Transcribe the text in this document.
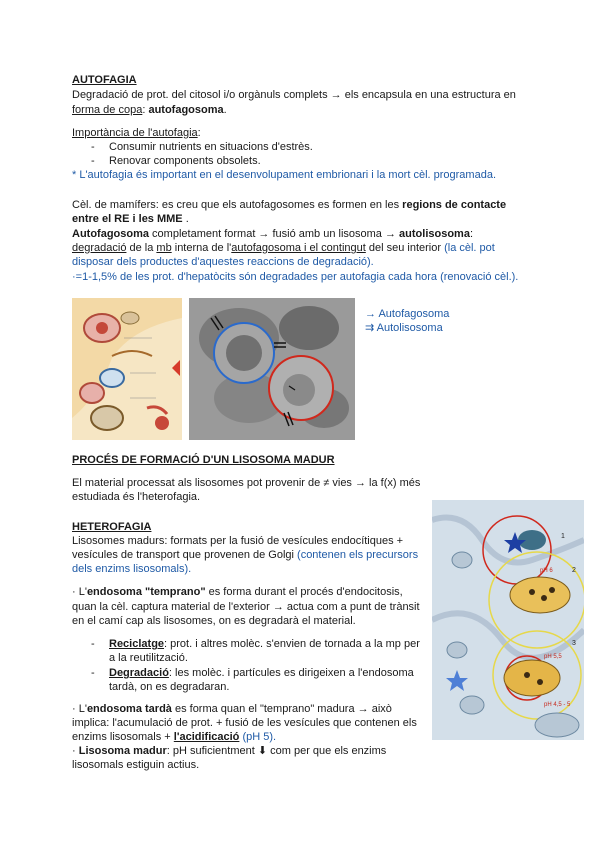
AUTOFAGIA
Degradació de prot. del citosol i/o orgànuls complets → els encapsula en una estructura en
forma de copa: autofagosoma.
Importància de l'autofagia:
- Consumir nutrients en situacions d'estrès.
- Renovar components obsolets.
* L'autofagia és important en el desenvolupament embrionari i la mort cèl. programada.
Cèl. de mamífers: es creu que els autofagosomes es formen en les regions de contacte
entre el RE i les MME .
Autofagosoma completament format → fusió amb un lisosoma → autolisosoma:
degradació de la mb interna de l'autofagosoma i el contingut del seu interior (la cèl. pot
disposar dels productes d'aquestes reaccions de degradació).
·=1-1,5% de les prot. d'hepatòcits són degradades per autofagia cada hora (renovació cèl.).
→ Autofagosoma
⇉ Autolisosoma
PROCÉS DE FORMACIÓ D'UN LISOSOMA MADUR
El material processat als lisosomes pot provenir de ≠ vies → la f(x) més
estudiada és l'heterofagia.
HETEROFAGIA
Lisosomes madurs: formats per la fusió de vesícules endocítiques +
vesícules de transport que provenen de Golgi (contenen els precursors
dels enzims lisosomals).
· L'endosoma "temprano" es forma durant el procés d'endocitosis,
quan la cèl. captura material de l'exterior → actua com a punt de trànsit
en el camí cap als lisosomes, on es degradarà el material.
- Reciclatge: prot. i altres molèc. s'envien de tornada a la mp per
a la reutilització.
- Degradació: les molèc. i partícules es dirigeixen a l'endosoma
tardà, on es degradaran.
· L'endosoma tardà es forma quan el "temprano" madura → això
implica: l'acumulació de prot. + fusió de les vesícules que contenen els
enzims lisosomals + l'acidificació (pH 5).
· Lisosoma madur: pH suficientment ⬇ com per que els enzims
lisosomals estiguin actius.
1
2
3
pH 6
pH 5,5
pH 4,5 - 5
